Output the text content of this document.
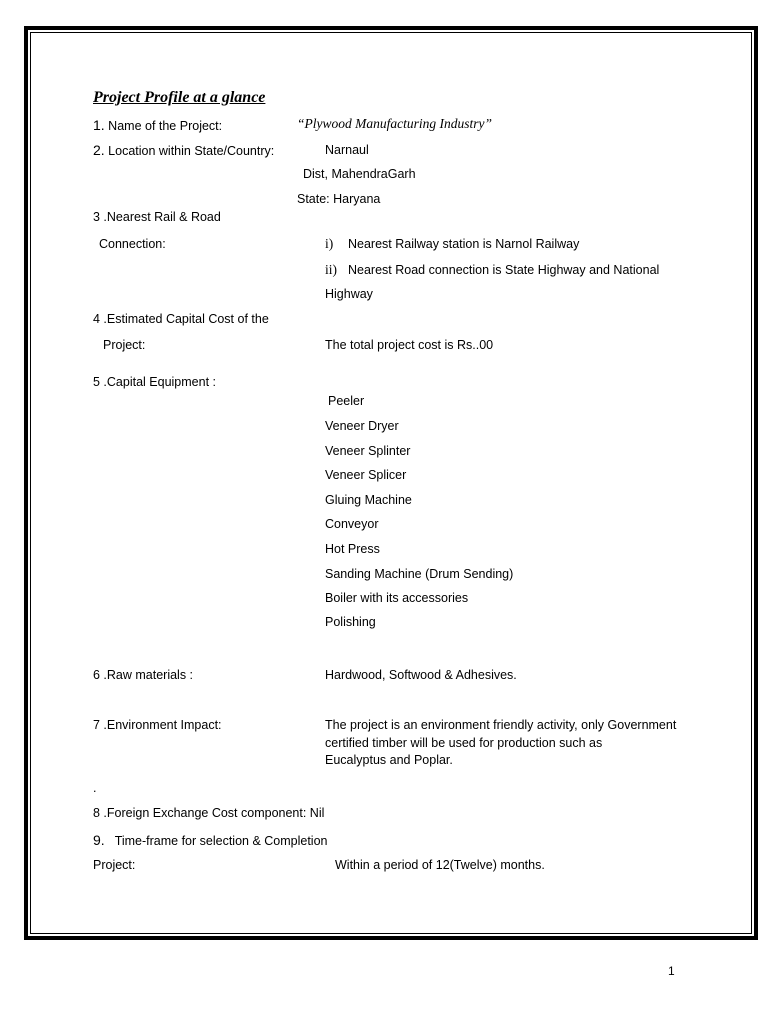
Project Profile at a glance
1. Name of the Project:	“Plywood Manufacturing Industry”
2. Location within State/Country:	Narnaul
Dist, MahendraGarh
State: Haryana
3 .Nearest Rail & Road
Connection:	i) Nearest Railway station is Narnol Railway
ii) Nearest Road connection is State Highway and National
Highway
4 .Estimated Capital Cost of the
Project:	The total project cost is Rs..00
5 .Capital Equipment :
Peeler
Veneer Dryer
Veneer Splinter
Veneer Splicer
Gluing Machine
Conveyor
Hot Press
Sanding Machine (Drum Sending)
Boiler with its accessories
Polishing
6 .Raw materials :	Hardwood, Softwood & Adhesives.
7 .Environment Impact:	The project is an environment friendly activity, only Government
certified timber will be used for production such as
Eucalyptus and Poplar.
.
8 .Foreign Exchange Cost component: Nil
9. Time-frame for selection & Completion
Project:	Within a period of 12(Twelve) months.
1
